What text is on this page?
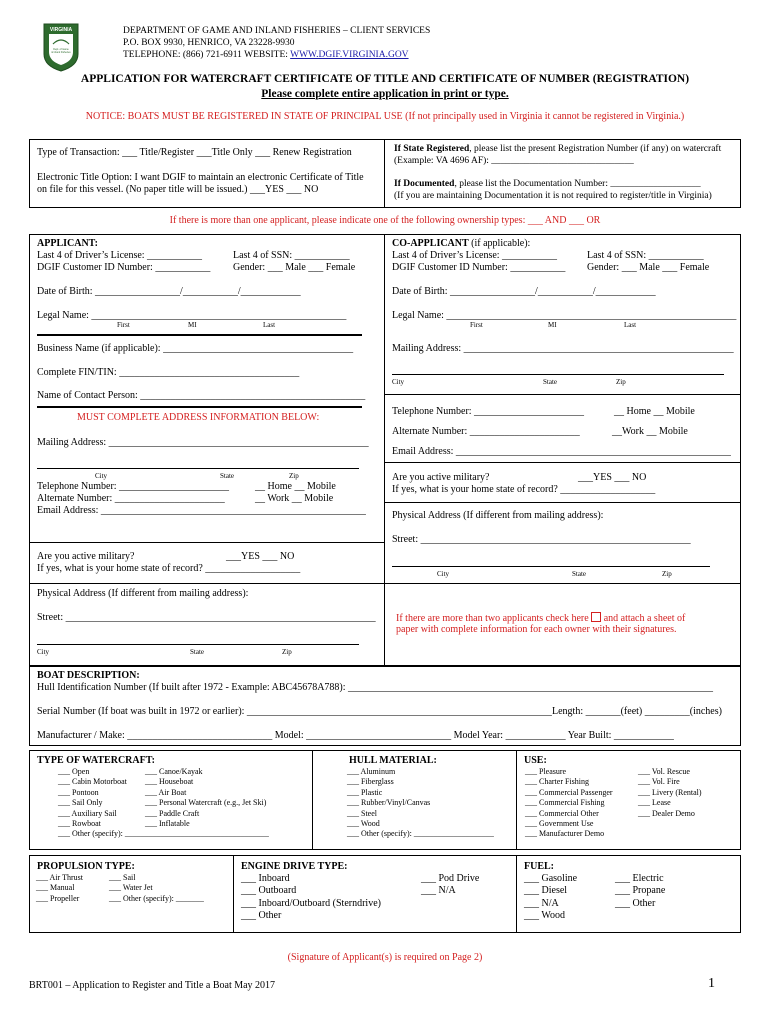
VIRGINIA
Dept. of Game
& Inland Fisheries
DEPARTMENT OF GAME AND INLAND FISHERIES – CLIENT SERVICES
P.O. BOX 9930, HENRICO, VA 23228-9930
TELEPHONE: (866) 721-6911 WEBSITE: WWW.DGIF.VIRGINIA.GOV
APPLICATION FOR WATERCRAFT CERTIFICATE OF TITLE AND CERTIFICATE OF NUMBER (REGISTRATION)
Please complete entire application in print or type.
NOTICE: BOATS MUST BE REGISTERED IN STATE OF PRINCIPAL USE (If not principally used in Virginia it cannot be registered in Virginia.)
Type of Transaction: ___ Title/Register ___Title Only ___ Renew Registration
Electronic Title Option: I want DGIF to maintain an electronic Certificate of Title
on file for this vessel. (No paper title will be issued.) ___YES ___ NO
If State Registered, please list the present Registration Number (if any) on watercraft
(Example: VA 4696 AF): ______________________________
If Documented, please list the Documentation Number: ___________________
(If you are maintaining Documentation it is not required to register/title in Virginia)
If there is more than one applicant, please indicate one of the following ownership types: ___ AND ___ OR
APPLICANT:
Last 4 of Driver’s License: ___________	Last 4 of SSN: ___________
DGIF Customer ID Number: ___________ Gender: ___ Male ___ Female
Date of Birth: _________________/___________/____________
Legal Name: ___________________________________________________
First	MI	Last
Business Name (if applicable): ______________________________________
Complete FIN/TIN: ____________________________________
Name of Contact Person: _____________________________________________
MUST COMPLETE ADDRESS INFORMATION BELOW:
Mailing Address: ____________________________________________________
City	State	Zip
Telephone Number: ______________________	__ Home __ Mobile
Alternate Number: ______________________	__ Work __ Mobile
Email Address: _____________________________________________________
Are you active military?	___YES ___ NO
If yes, what is your home state of record? ___________________
Physical Address (If different from mailing address):
Street: ______________________________________________________________
City	State	Zip
CO-APPLICANT (if applicable):
Last 4 of Driver’s License: ___________	Last 4 of SSN: ___________
DGIF Customer ID Number: ___________ Gender: ___ Male ___ Female
Date of Birth: _________________/___________/____________
Legal Name: __________________________________________________________
First	MI	Last
Mailing Address: ______________________________________________________
City	State	Zip
Telephone Number: ______________________	__ Home __ Mobile
Alternate Number: ______________________	__Work __ Mobile
Email Address: _______________________________________________________
Are you active military?	___YES ___ NO
If yes, what is your home state of record? ___________________
Physical Address (If different from mailing address):
Street: ______________________________________________________
City	State	Zip
If there are more than two applicants check here  and attach a sheet of
paper with complete information for each owner with their signatures.
BOAT DESCRIPTION:
Hull Identification Number (If built after 1972 - Example: ABC45678A788): _________________________________________________________________________
Serial Number (If boat was built in 1972 or earlier): _____________________________________________________________ Length: _______(feet) _________(inches)
Manufacturer / Make: _____________________________ Model: _____________________________ Model Year: ____________ Year Built: ____________
TYPE OF WATERCRAFT:
___ Open
___ Cabin Motorboat
___ Pontoon
___ Sail Only
___ Auxiliary Sail
___ Rowboat
___ Other (specify): ____________________________________
___ Canoe/Kayak
___ Houseboat
___ Air Boat
___ Personal Watercraft (e.g., Jet Ski)
___ Paddle Craft
___ Inflatable
HULL MATERIAL:
___ Aluminum
___ Fiberglass
___ Plastic
___ Rubber/Vinyl/Canvas
___ Steel
___ Wood
___ Other (specify): ____________________
USE:
___ Pleasure
___ Charter Fishing
___ Commercial Passenger
___ Commercial Fishing
___ Commercial Other
___ Government Use
___ Manufacturer Demo
___ Vol. Rescue
___ Vol. Fire
___ Livery (Rental)
___ Lease
___ Dealer Demo
PROPULSION TYPE:
___ Air Thrust
___ Manual
___ Propeller
___ Sail
___ Water Jet
___ Other (specify): _______
ENGINE DRIVE TYPE:
___ Inboard
___ Outboard
___ Inboard/Outboard (Sterndrive)
___ Other
___ Pod Drive
___ N/A
FUEL:
___ Gasoline
___ Diesel
___ N/A
___ Wood
___ Electric
___ Propane
___ Other
(Signature of Applicant(s) is required on Page 2)
BRT001 – Application to Register and Title a Boat May 2017	1
